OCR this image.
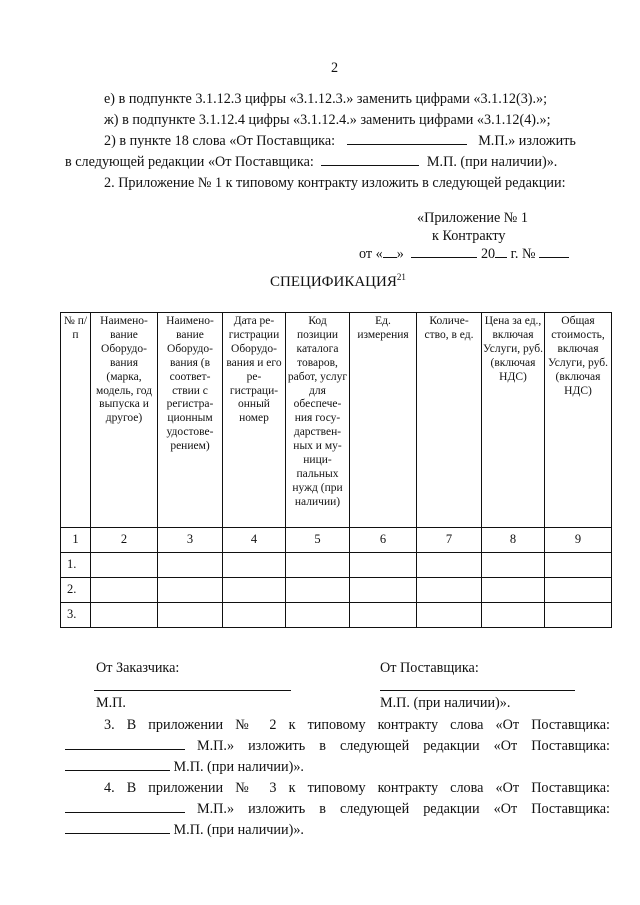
2
е) в подпункте 3.1.12.3 цифры «3.1.12.3.» заменить цифрами «3.1.12(3).»;
ж) в подпункте 3.1.12.4 цифры «3.1.12.4.» заменить цифрами «3.1.12(4).»;
2) в пункте 18 слова «От Поставщика:	М.П.» изложить
в следующей редакции «От Поставщика:	М.П. (при наличии)».
2. Приложение № 1 к типовому контракту изложить в следующей редакции:
«Приложение № 1
к Контракту
от « »	20 г. №
СПЕЦИФИКАЦИЯ$^{21}$
№ п/п	Наимено-вание Оборудо-вания (марка, модель, год выпуска и другое)	Наимено-вание Оборудо-вания (в соответ-ствии с регистра-ционным удостове-рением)	Дата ре-гистрации Оборудо-вания и его ре-гистраци-онный номер	Код позиции каталога товаров, работ, услуг для обеспече-ния госу-дарствен-ных и му-ници-пальных нужд (при наличии)	Ед. измерения	Количе-ство, в ед.	Цена за ед., включая Услуги, руб. (включая НДС)	Общая стоимость, включая Услуги, руб. (включая НДС)
1	2	3	4	5	6	7	8	9
1.								
2.								
3.								
От Заказчика:
М.П.
От Поставщика:
М.П. (при наличии)».
3. В приложении № 2 к типовому контракту слова «От Поставщика:
М.П.» изложить в следующей редакции «От Поставщика:
М.П. (при наличии)».
4. В приложении № 3 к типовому контракту слова «От Поставщика:
М.П.» изложить в следующей редакции «От Поставщика:
М.П. (при наличии)».
